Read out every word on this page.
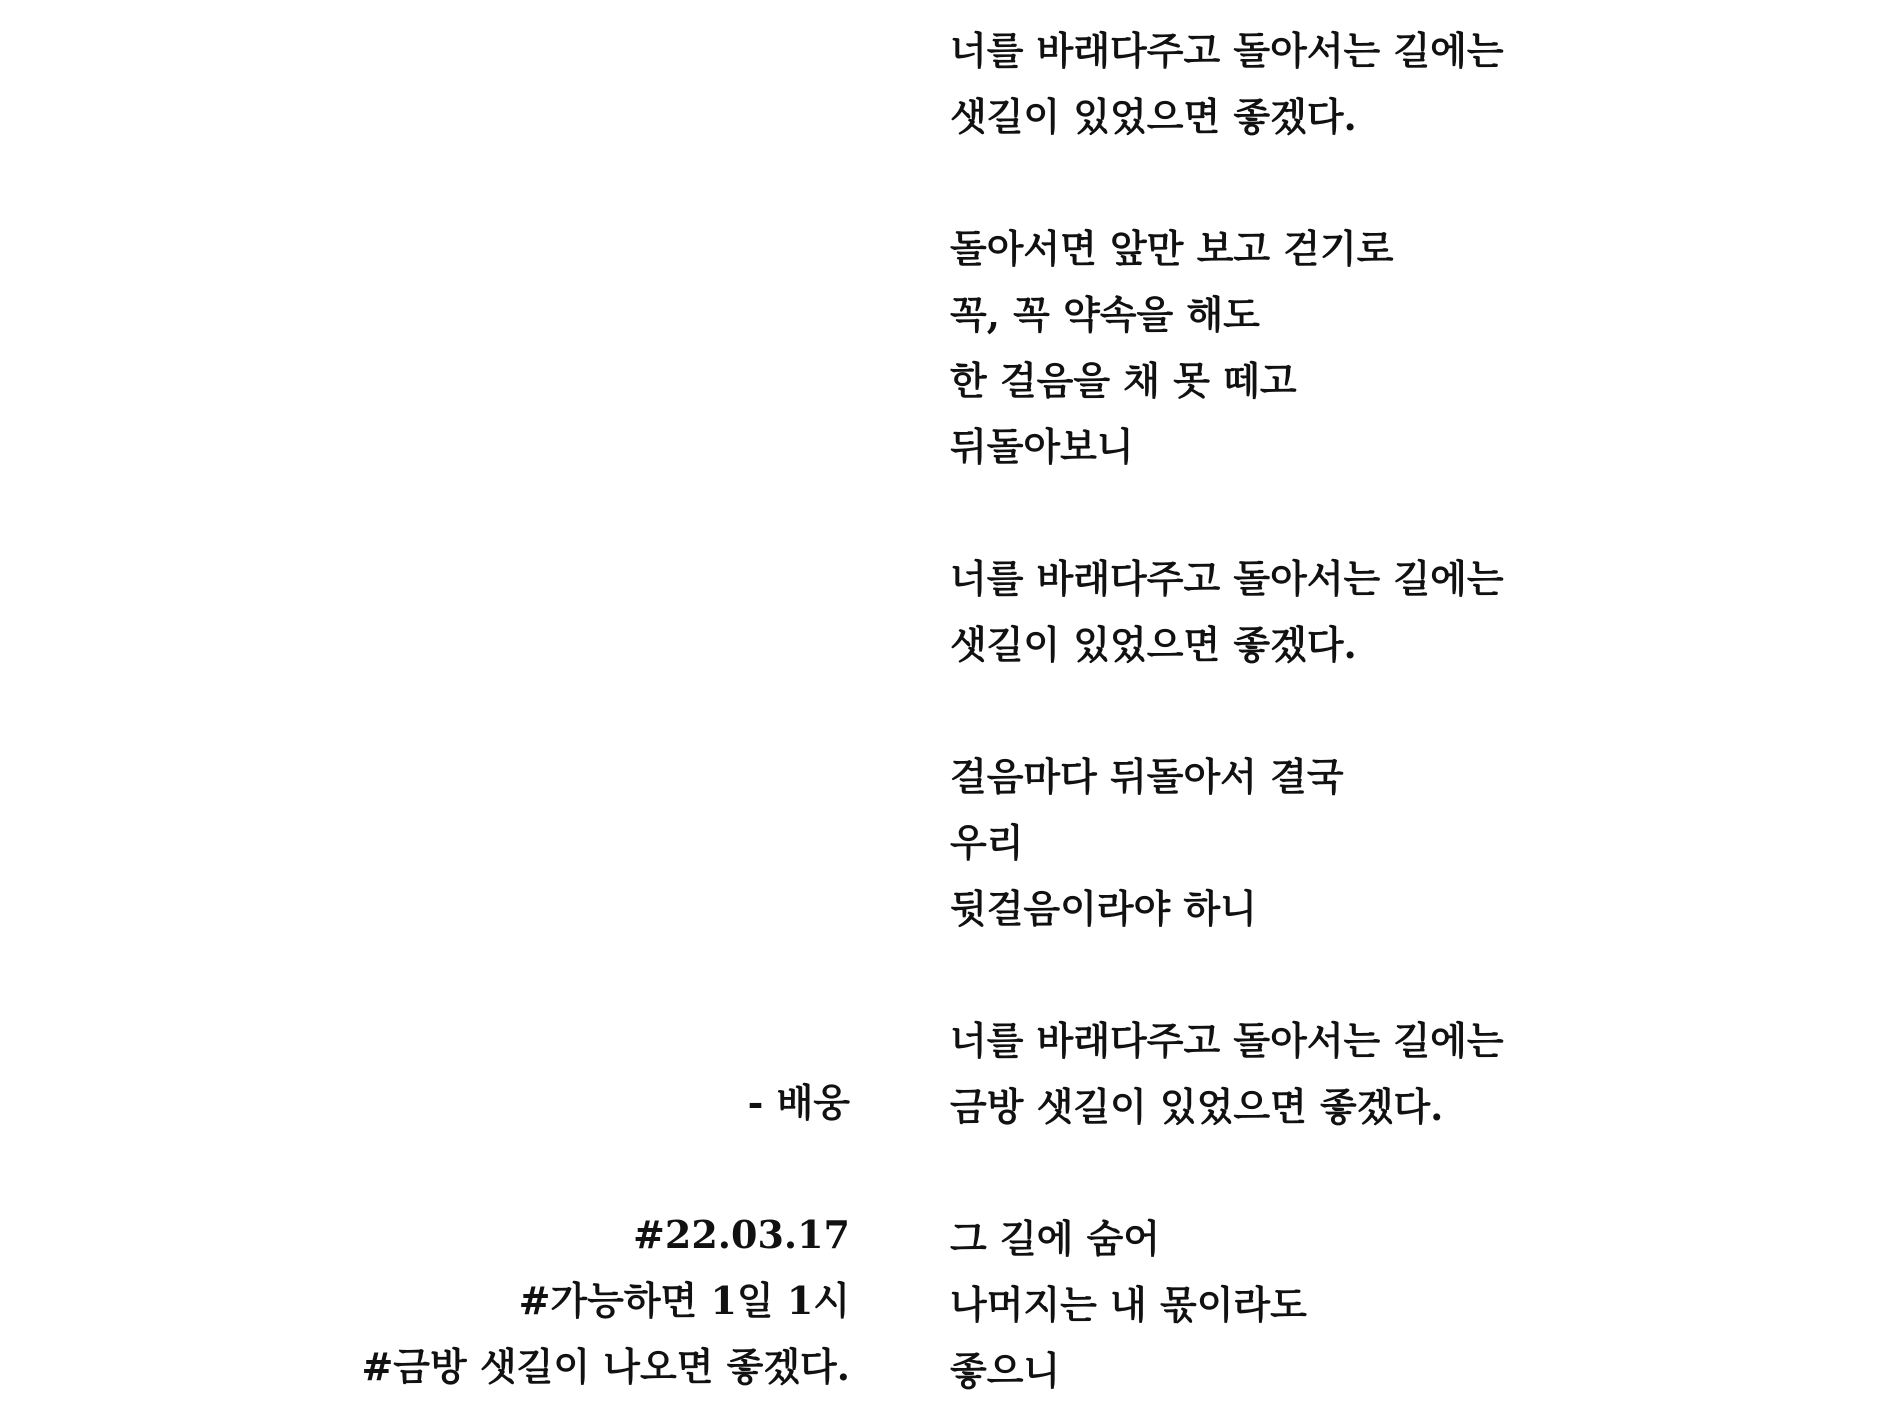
너를 바래다주고 돌아서는 길에는
샛길이 있었으면 좋겠다.
돌아서면 앞만 보고 걷기로
꼭, 꼭 약속을 해도
한 걸음을 채 못 떼고
뒤돌아보니
너를 바래다주고 돌아서는 길에는
샛길이 있었으면 좋겠다.
걸음마다 뒤돌아서 결국
우리
뒷걸음이라야 하니
너를 바래다주고 돌아서는 길에는
금방 샛길이 있었으면 좋겠다.
그 길에 숨어
나머지는 내 몫이라도
좋으니
- 배웅
#22.03.17
#가능하면 1일 1시
#금방 샛길이 나오면 좋겠다.
